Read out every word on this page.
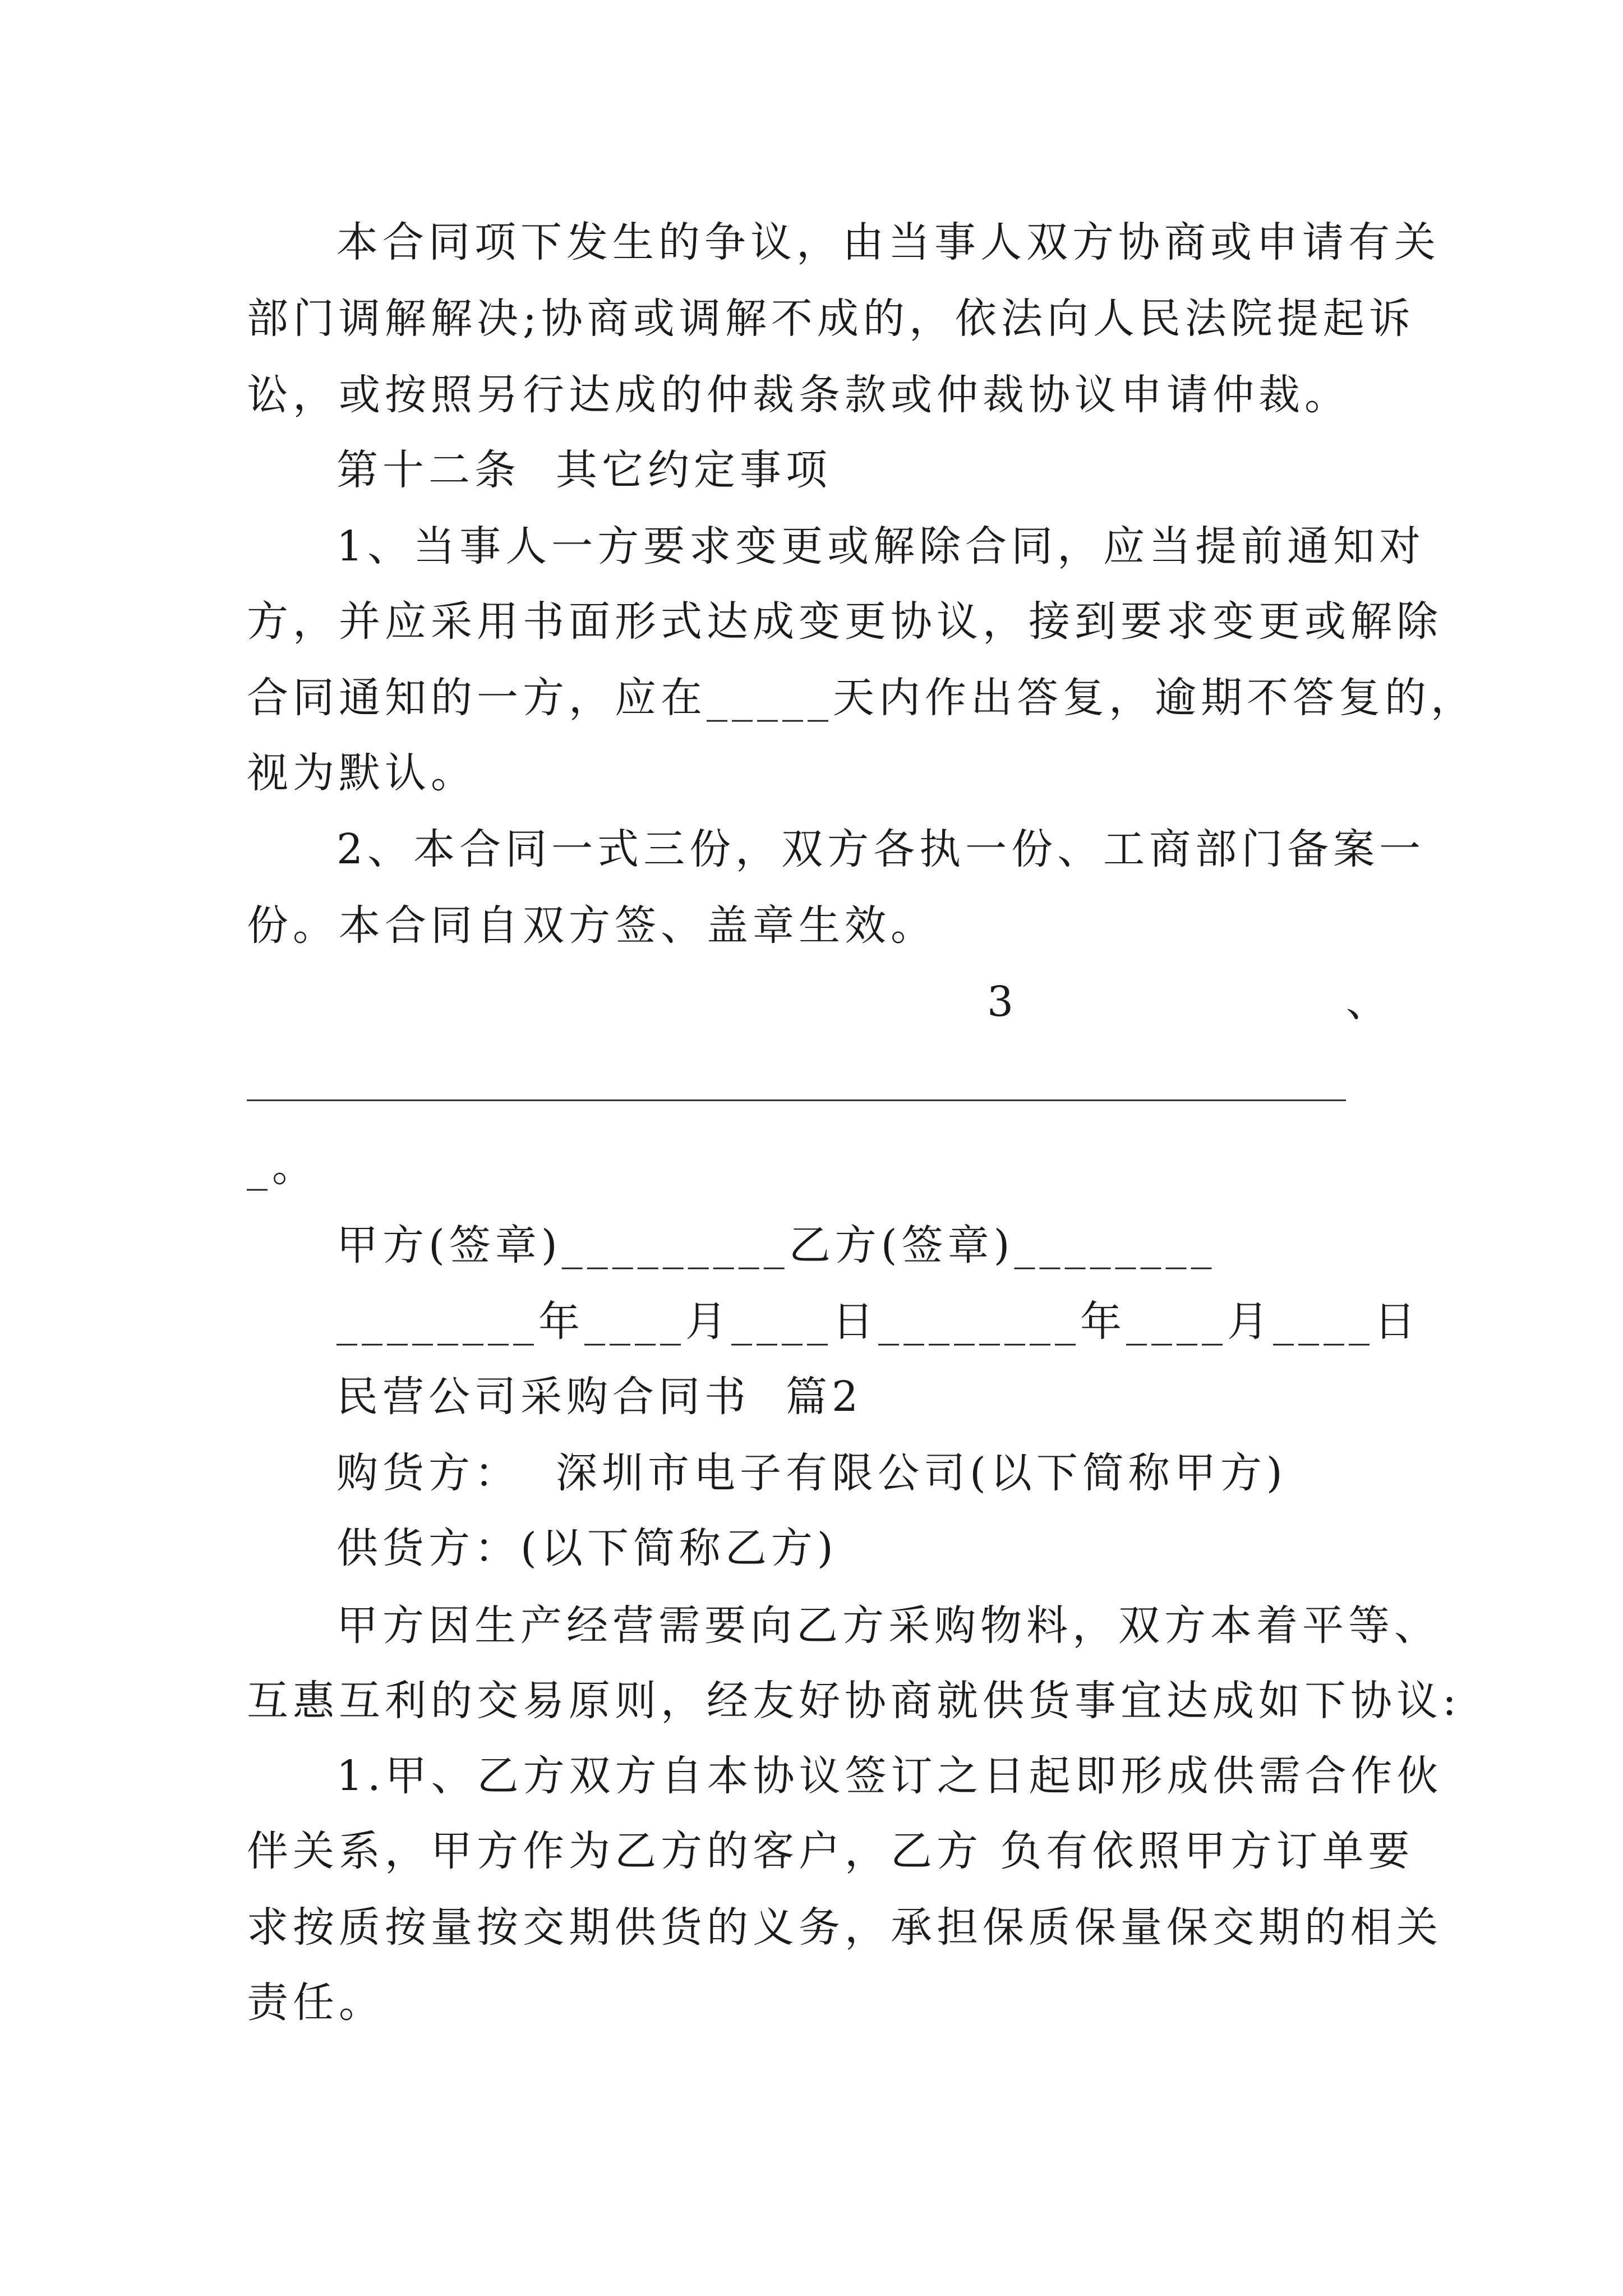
本合同项下发生的争议，由当事人双方协商或申请有关

部门调解解决;协商或调解不成的，依法向人民法院提起诉

讼，或按照另行达成的仲裁条款或仲裁协议申请仲裁。

第十二条  其它约定事项

1、当事人一方要求变更或解除合同，应当提前通知对

方，并应采用书面形式达成变更协议，接到要求变更或解除

合同通知的一方，应在_____天内作出答复，逾期不答复的，

视为默认。

2、本合同一式三份，双方各执一份、工商部门备案一

份。本合同自双方签、盖章生效。

3	、

_。

甲方(签章)_________乙方(签章)________

________年____月____日________年____月____日

民营公司采购合同书  篇2

购货方：  深圳市电子有限公司(以下简称甲方)

供货方：(以下简称乙方)

甲方因生产经营需要向乙方采购物料，双方本着平等、

互惠互利的交易原则，经友好协商就供货事宜达成如下协议:

1.甲、乙方双方自本协议签订之日起即形成供需合作伙

伴关系，甲方作为乙方的客户，乙方 负有依照甲方订单要

求按质按量按交期供货的义务，承担保质保量保交期的相关

责任。
